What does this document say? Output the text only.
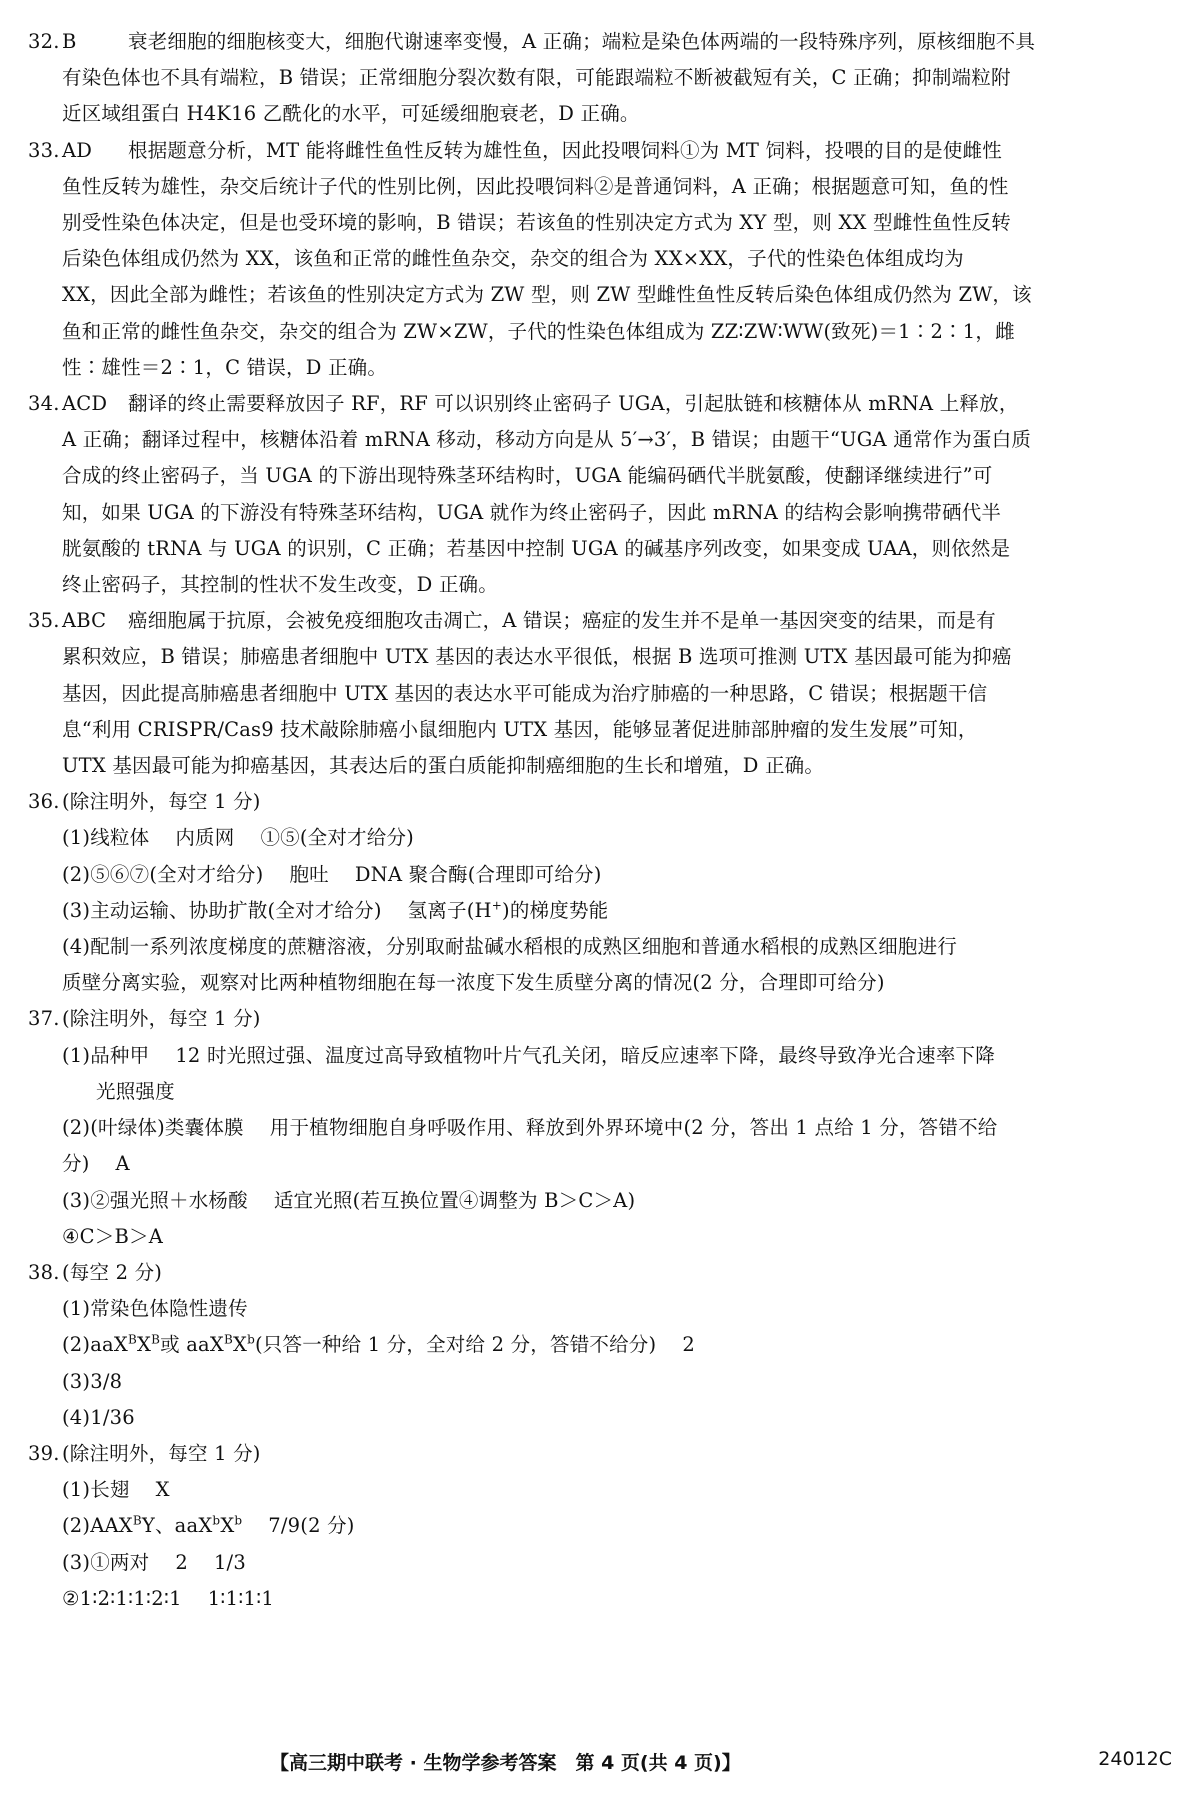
32. B	衰老细胞的细胞核变大，细胞代谢速率变慢，A 正确；端粒是染色体两端的一段特殊序列，原核细胞不具
有染色体也不具有端粒，B 错误；正常细胞分裂次数有限，可能跟端粒不断被截短有关，C 正确；抑制端粒附
近区域组蛋白 H4K16 乙酰化的水平，可延缓细胞衰老，D 正确。
33. AD 根据题意分析，MT 能将雌性鱼性反转为雄性鱼，因此投喂饲料①为 MT 饲料，投喂的目的是使雌性
鱼性反转为雄性，杂交后统计子代的性别比例，因此投喂饲料②是普通饲料，A 正确；根据题意可知，鱼的性
别受性染色体决定，但是也受环境的影响，B 错误；若该鱼的性别决定方式为 XY 型，则 XX 型雌性鱼性反转
后染色体组成仍然为 XX，该鱼和正常的雌性鱼杂交，杂交的组合为 XX×XX，子代的性染色体组成均为
XX，因此全部为雌性；若该鱼的性别决定方式为 ZW 型，则 ZW 型雌性鱼性反转后染色体组成仍然为 ZW，该
鱼和正常的雌性鱼杂交，杂交的组合为 ZW×ZW，子代的性染色体组成为 ZZ∶ZW∶WW(致死)＝1∶2∶1，雌
性∶雄性＝2∶1，C 错误，D 正确。
34. ACD 翻译的终止需要释放因子 RF，RF 可以识别终止密码子 UGA，引起肽链和核糖体从 mRNA 上释放，
A 正确；翻译过程中，核糖体沿着 mRNA 移动，移动方向是从 5′→3′，B 错误；由题干“UGA 通常作为蛋白质
合成的终止密码子，当 UGA 的下游出现特殊茎环结构时，UGA 能编码硒代半胱氨酸，使翻译继续进行”可
知，如果 UGA 的下游没有特殊茎环结构，UGA 就作为终止密码子，因此 mRNA 的结构会影响携带硒代半
胱氨酸的 tRNA 与 UGA 的识别，C 正确；若基因中控制 UGA 的碱基序列改变，如果变成 UAA，则依然是
终止密码子，其控制的性状不发生改变，D 正确。
35. ABC 癌细胞属于抗原，会被免疫细胞攻击凋亡，A 错误；癌症的发生并不是单一基因突变的结果，而是有
累积效应，B 错误；肺癌患者细胞中 UTX 基因的表达水平很低，根据 B 选项可推测 UTX 基因最可能为抑癌
基因，因此提高肺癌患者细胞中 UTX 基因的表达水平可能成为治疗肺癌的一种思路，C 错误；根据题干信
息“利用 CRISPR/Cas9 技术敲除肺癌小鼠细胞内 UTX 基因，能够显著促进肺部肿瘤的发生发展”可知，
UTX 基因最可能为抑癌基因，其表达后的蛋白质能抑制癌细胞的生长和增殖，D 正确。
36. (除注明外，每空 1 分)
(1)线粒体 内质网 ①⑤(全对才给分)
(2)⑤⑥⑦(全对才给分) 胞吐 DNA 聚合酶(合理即可给分)
(3)主动运输、协助扩散(全对才给分) 氢离子(H+)的梯度势能
(4)配制一系列浓度梯度的蔗糖溶液，分别取耐盐碱水稻根的成熟区细胞和普通水稻根的成熟区细胞进行
质壁分离实验，观察对比两种植物细胞在每一浓度下发生质壁分离的情况(2 分，合理即可给分)
37. (除注明外，每空 1 分)
(1)品种甲 12 时光照过强、温度过高导致植物叶片气孔关闭，暗反应速率下降，最终导致净光合速率下降
光照强度
(2)(叶绿体)类囊体膜 用于植物细胞自身呼吸作用、释放到外界环境中(2 分，答出 1 点给 1 分，答错不给
分) A
(3)②强光照＋水杨酸 适宜光照(若互换位置④调整为 B＞C＞A)
④C＞B＞A
38. (每空 2 分)
(1)常染色体隐性遗传
$(2)aaX^BX^B$或 $aaX^BX^b$(只答一种给 1 分，全对给 2 分，答错不给分) 2
(3)3/8
(4)1/36
39. (除注明外，每空 1 分)
(1)长翅 X
$(2)AAX^BY$、$aaX^bX^b$ 7/9(2 分)
(3)①两对 2 1/3
②1∶2∶1∶1∶2∶1 1∶1∶1∶1
【高三期中联考 · 生物学参考答案　第 4 页(共 4 页)】	24012C
